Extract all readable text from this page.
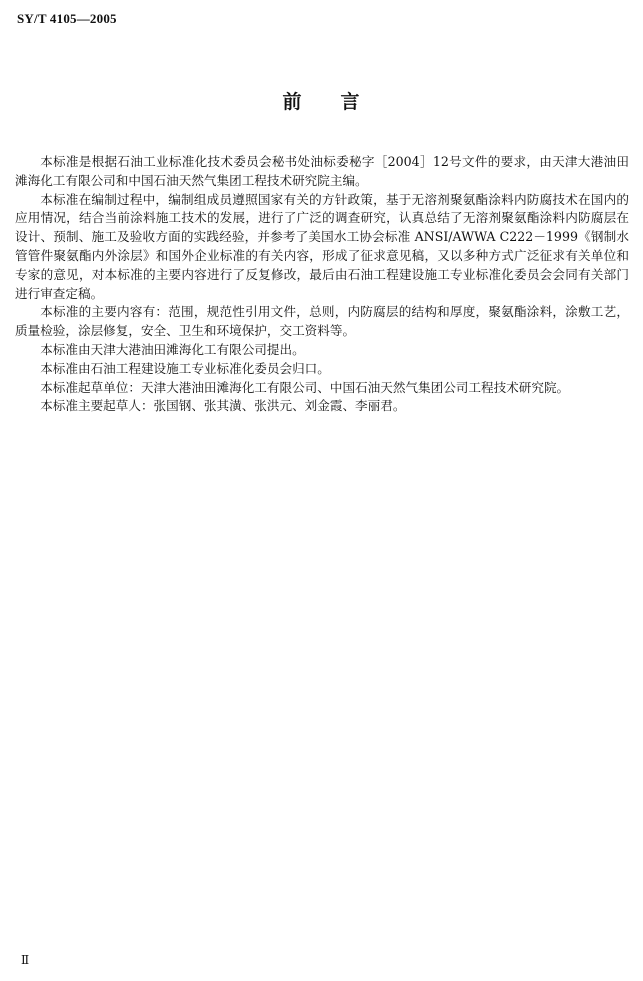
SY/T 4105—2005
前 言

本标准是根据石油工业标准化技术委员会秘书处油标委秘字［2004］12号文件的要求，由天津大港油田滩海化工有限公司和中国石油天然气集团工程技术研究院主编。

本标准在编制过程中，编制组成员遵照国家有关的方针政策，基于无溶剂聚氨酯涂料内防腐技术在国内的应用情况，结合当前涂料施工技术的发展，进行了广泛的调查研究，认真总结了无溶剂聚氨酯涂料内防腐层在设计、预制、施工及验收方面的实践经验，并参考了美国水工协会标准 ANSI/AWWA C222－1999《钢制水管管件聚氨酯内外涂层》和国外企业标准的有关内容，形成了征求意见稿，又以多种方式广泛征求有关单位和专家的意见，对本标准的主要内容进行了反复修改，最后由石油工程建设施工专业标准化委员会会同有关部门进行审查定稿。

本标准的主要内容有：范围，规范性引用文件，总则，内防腐层的结构和厚度，聚氨酯涂料，涂敷工艺，质量检验，涂层修复，安全、卫生和环境保护，交工资料等。

本标准由天津大港油田滩海化工有限公司提出。

本标准由石油工程建设施工专业标准化委员会归口。

本标准起草单位：天津大港油田滩海化工有限公司、中国石油天然气集团公司工程技术研究院。

本标准主要起草人：张国钢、张其潢、张洪元、刘金霞、李丽君。

Ⅱ
